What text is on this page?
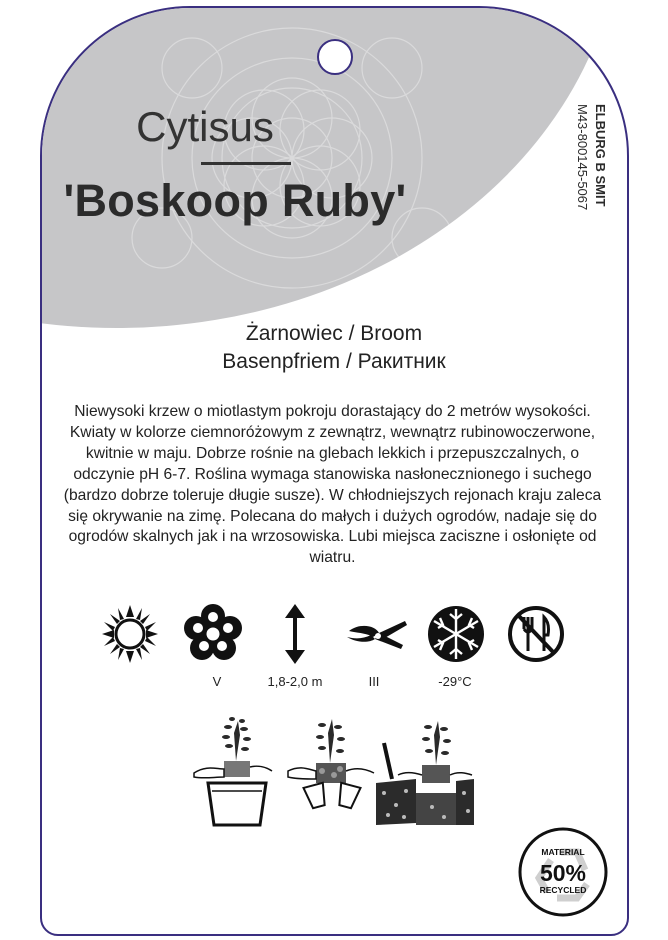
Cytisus
'Boskoop Ruby'	ELBURG B SMIT
M43-800145-5067
Żarnowiec / Broom
Basenpfriem / Ракитник
Niewysoki krzew o miotlastym pokroju dorastający do 2 metrów wysokości. Kwiaty w kolorze ciemnoróżowym z zewnątrz, wewnątrz rubinowoczerwone, kwitnie w maju. Dobrze rośnie na glebach lekkich i przepuszczalnych, o odczynie pH 6-7. Roślina wymaga stanowiska nasłonecznionego i suchego (bardzo dobrze toleruje długie susze). W chłodniejszych rejonach kraju zaleca się okrywanie na zimę. Polecana do małych i dużych ogrodów, nadaje się do ogrodów skalnych jak i na wrzosowiska. Lubi miejsca zaciszne i osłonięte od wiatru.
V	1,8-2,0 m	III	-29°C
MATERIAL
50%
RECYCLED
